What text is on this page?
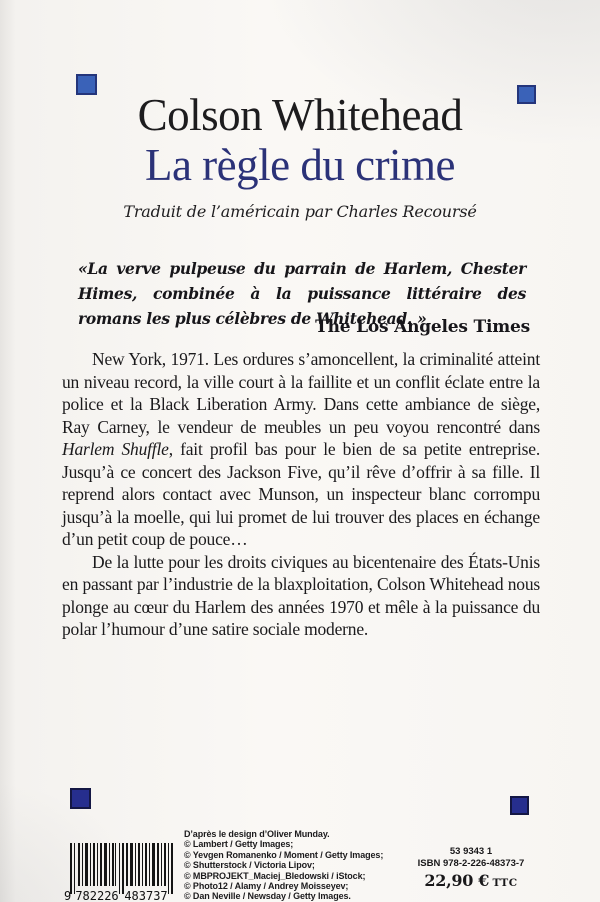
Colson Whitehead
La règle du crime
Traduit de l’américain par Charles Recoursé
«La verve pulpeuse du parrain de Harlem, Chester Himes, combinée à la puissance littéraire des romans les plus célèbres de Whitehead. »
The Los Angeles Times

New York, 1971. Les ordures s’amoncellent, la criminalité atteint un niveau record, la ville court à la faillite et un conflit éclate entre la police et la Black Liberation Army. Dans cette ambiance de siège, Ray Carney, le vendeur de meubles un peu voyou rencontré dans Harlem Shuffle, fait profil bas pour le bien de sa petite entreprise. Jusqu’à ce concert des Jackson Five, qu’il rêve d’offrir à sa fille. Il reprend alors contact avec Munson, un inspecteur blanc corrompu jusqu’à la moelle, qui lui promet de lui trouver des places en échange d’un petit coup de pouce…

De la lutte pour les droits civiques au bicentenaire des États-Unis en passant par l’industrie de la blaxploitation, Colson Whitehead nous plonge au cœur du Harlem des années 1970 et mêle à la puissance du polar l’humour d’une satire sociale moderne.

D’après le design d’Oliver Munday.
© Lambert / Getty Images;
© Yevgen Romanenko / Moment / Getty Images;
© Shutterstock / Victoria Lipov;
© MBPROJEKT_Maciej_Bledowski / iStock;
© Photo12 / Alamy / Andrey Moisseyev;
© Dan Neville / Newsday / Getty Images.
9 782226 483737
53 9343 1
ISBN 978-2-226-48373-7
22,90 € TTC
